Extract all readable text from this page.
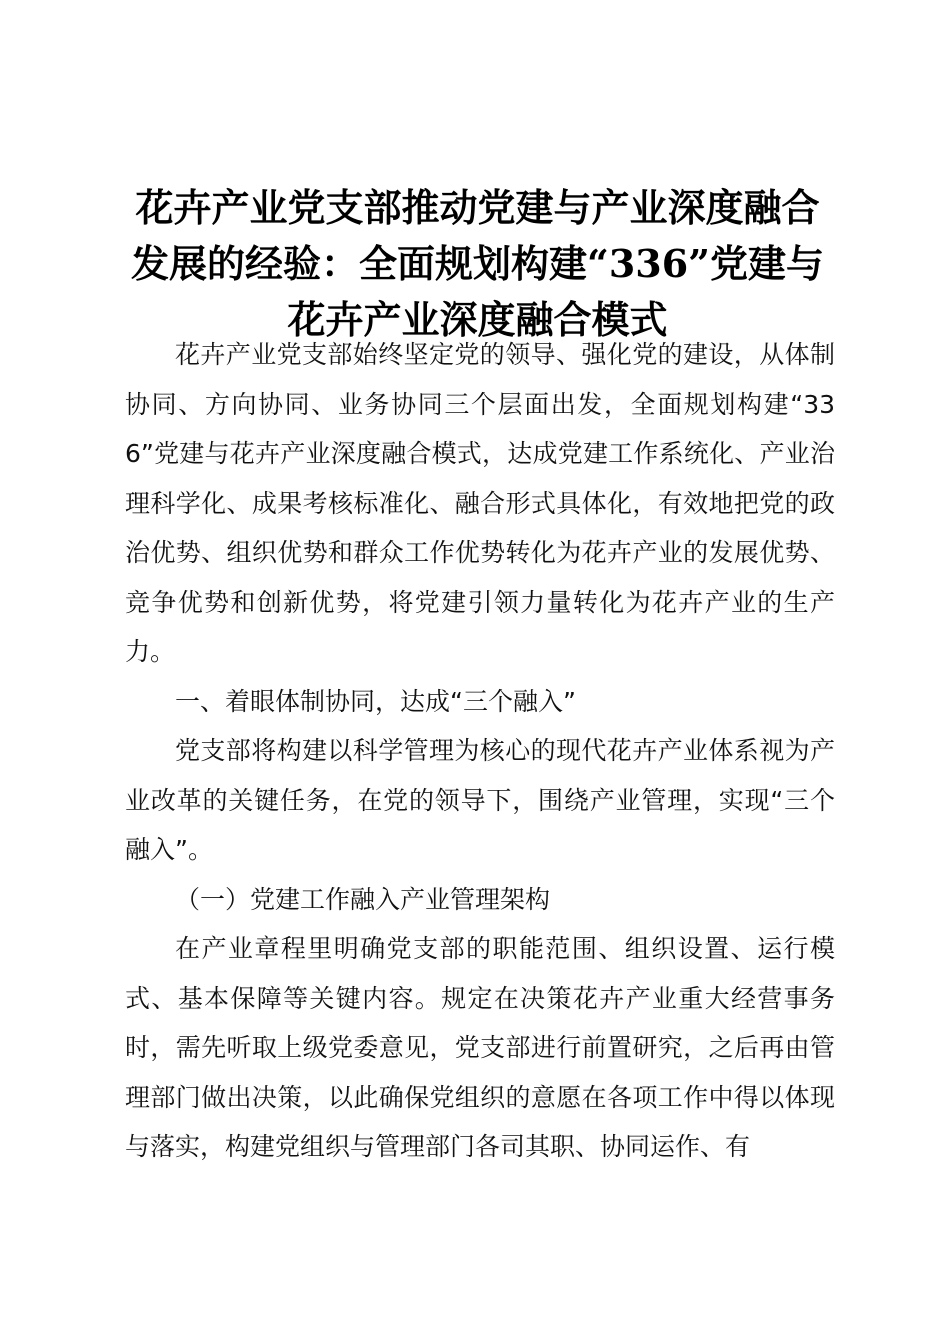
花卉产业党支部推动党建与产业深度融合发展的经验：全面规划构建“336”党建与花卉产业深度融合模式

花卉产业党支部始终坚定党的领导、强化党的建设，从体制协同、方向协同、业务协同三个层面出发，全面规划构建“336”党建与花卉产业深度融合模式，达成党建工作系统化、产业治理科学化、成果考核标准化、融合形式具体化，有效地把党的政治优势、组织优势和群众工作优势转化为花卉产业的发展优势、竞争优势和创新优势，将党建引领力量转化为花卉产业的生产力。

一、着眼体制协同，达成“三个融入”

党支部将构建以科学管理为核心的现代花卉产业体系视为产业改革的关键任务，在党的领导下，围绕产业管理，实现“三个融入”。

（一）党建工作融入产业管理架构

在产业章程里明确党支部的职能范围、组织设置、运行模式、基本保障等关键内容。规定在决策花卉产业重大经营事务时，需先听取上级党委意见，党支部进行前置研究，之后再由管理部门做出决策，以此确保党组织的意愿在各项工作中得以体现与落实，构建党组织与管理部门各司其职、协同运作、有
